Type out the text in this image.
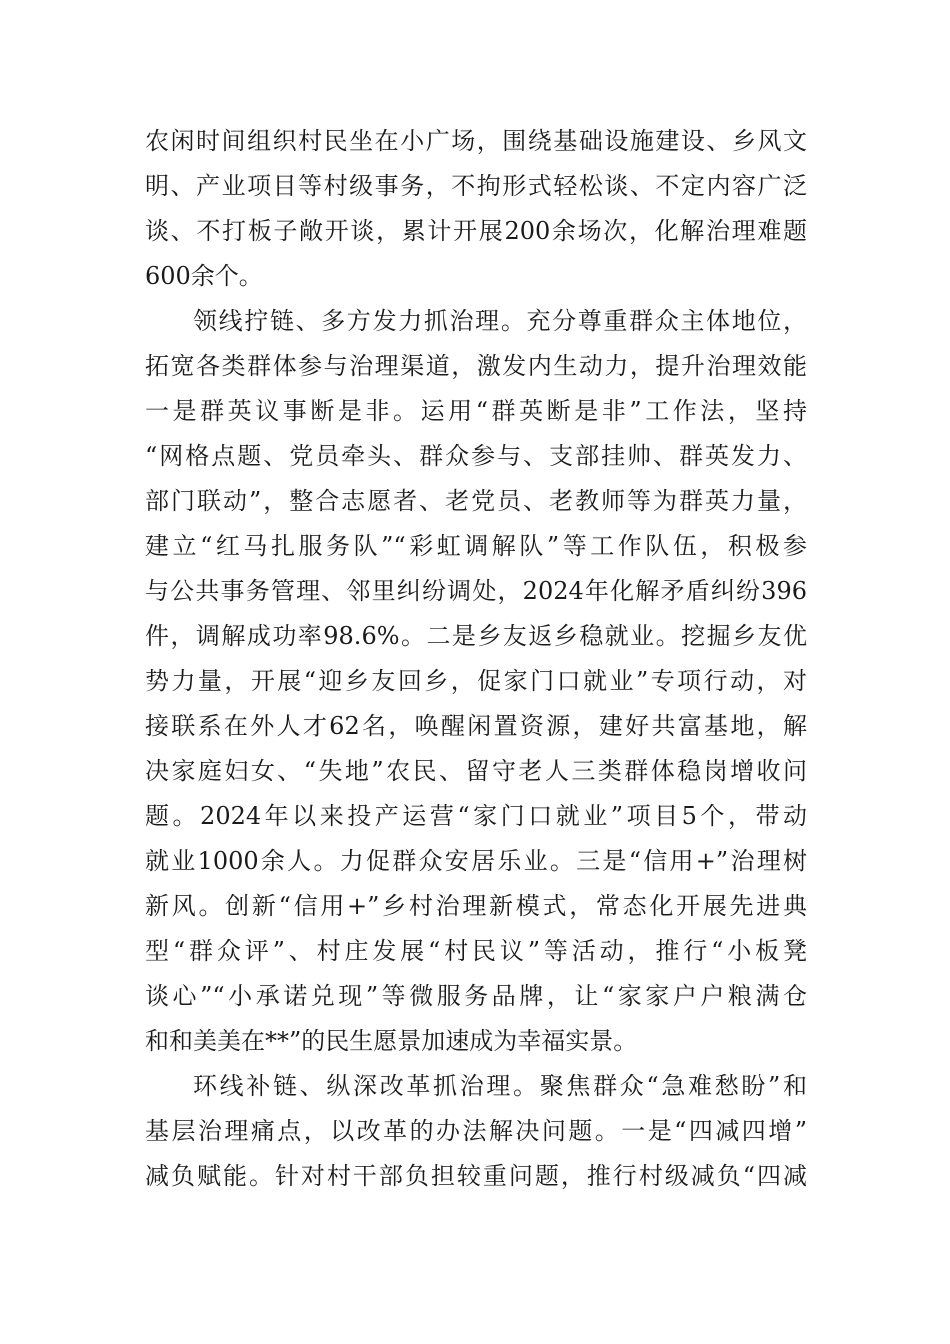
农闲时间组织村民坐在小广场，围绕基础设施建设、乡风文
明、产业项目等村级事务，不拘形式轻松谈、不定内容广泛
谈、不打板子敞开谈，累计开展200余场次，化解治理难题
600余个。
领线拧链、多方发力抓治理。充分尊重群众主体地位，
拓宽各类群体参与治理渠道，激发内生动力，提升治理效能
一是群英议事断是非。运用“群英断是非”工作法，坚持
“网格点题、党员牵头、群众参与、支部挂帅、群英发力、
部门联动”，整合志愿者、老党员、老教师等为群英力量，
建立“红马扎服务队”“彩虹调解队”等工作队伍，积极参
与公共事务管理、邻里纠纷调处，2024年化解矛盾纠纷396
件，调解成功率98.6%。二是乡友返乡稳就业。挖掘乡友优
势力量，开展“迎乡友回乡，促家门口就业”专项行动，对
接联系在外人才62名，唤醒闲置资源，建好共富基地，解
决家庭妇女、“失地”农民、留守老人三类群体稳岗增收问
题。2024年以来投产运营“家门口就业”项目5个，带动
就业1000余人。力促群众安居乐业。三是“信用+”治理树
新风。创新“信用+”乡村治理新模式，常态化开展先进典
型“群众评”、村庄发展“村民议”等活动，推行“小板凳
谈心”“小承诺兑现”等微服务品牌，让“家家户户粮满仓
和和美美在**”的民生愿景加速成为幸福实景。
环线补链、纵深改革抓治理。聚焦群众“急难愁盼”和
基层治理痛点，以改革的办法解决问题。一是“四减四增”
减负赋能。针对村干部负担较重问题，推行村级减负“四减
